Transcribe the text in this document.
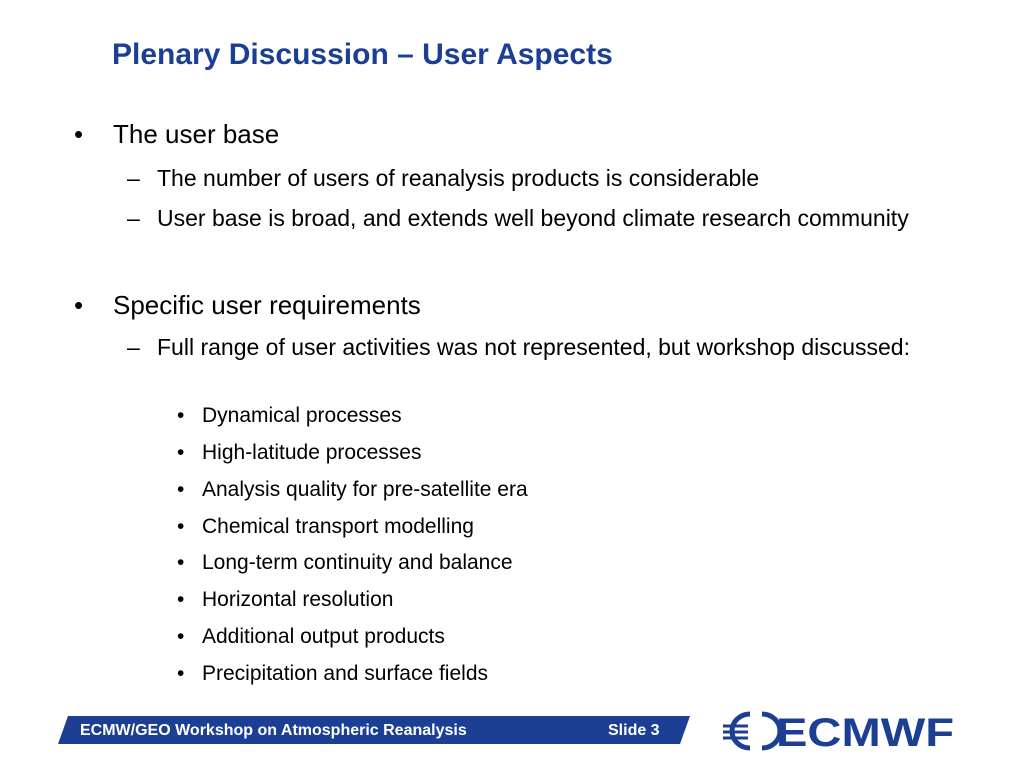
Plenary Discussion – User Aspects
• The user base
– The number of users of reanalysis products is considerable
– User base is broad, and extends well beyond climate research community
• Specific user requirements
– Full range of user activities was not represented, but workshop discussed:
• Dynamical processes
• High-latitude processes
• Analysis quality for pre-satellite era
• Chemical transport modelling
• Long-term continuity and balance
• Horizontal resolution
• Additional output products
• Precipitation and surface fields
ECMW/GEO Workshop on Atmospheric Reanalysis	Slide 3	ECMWF
